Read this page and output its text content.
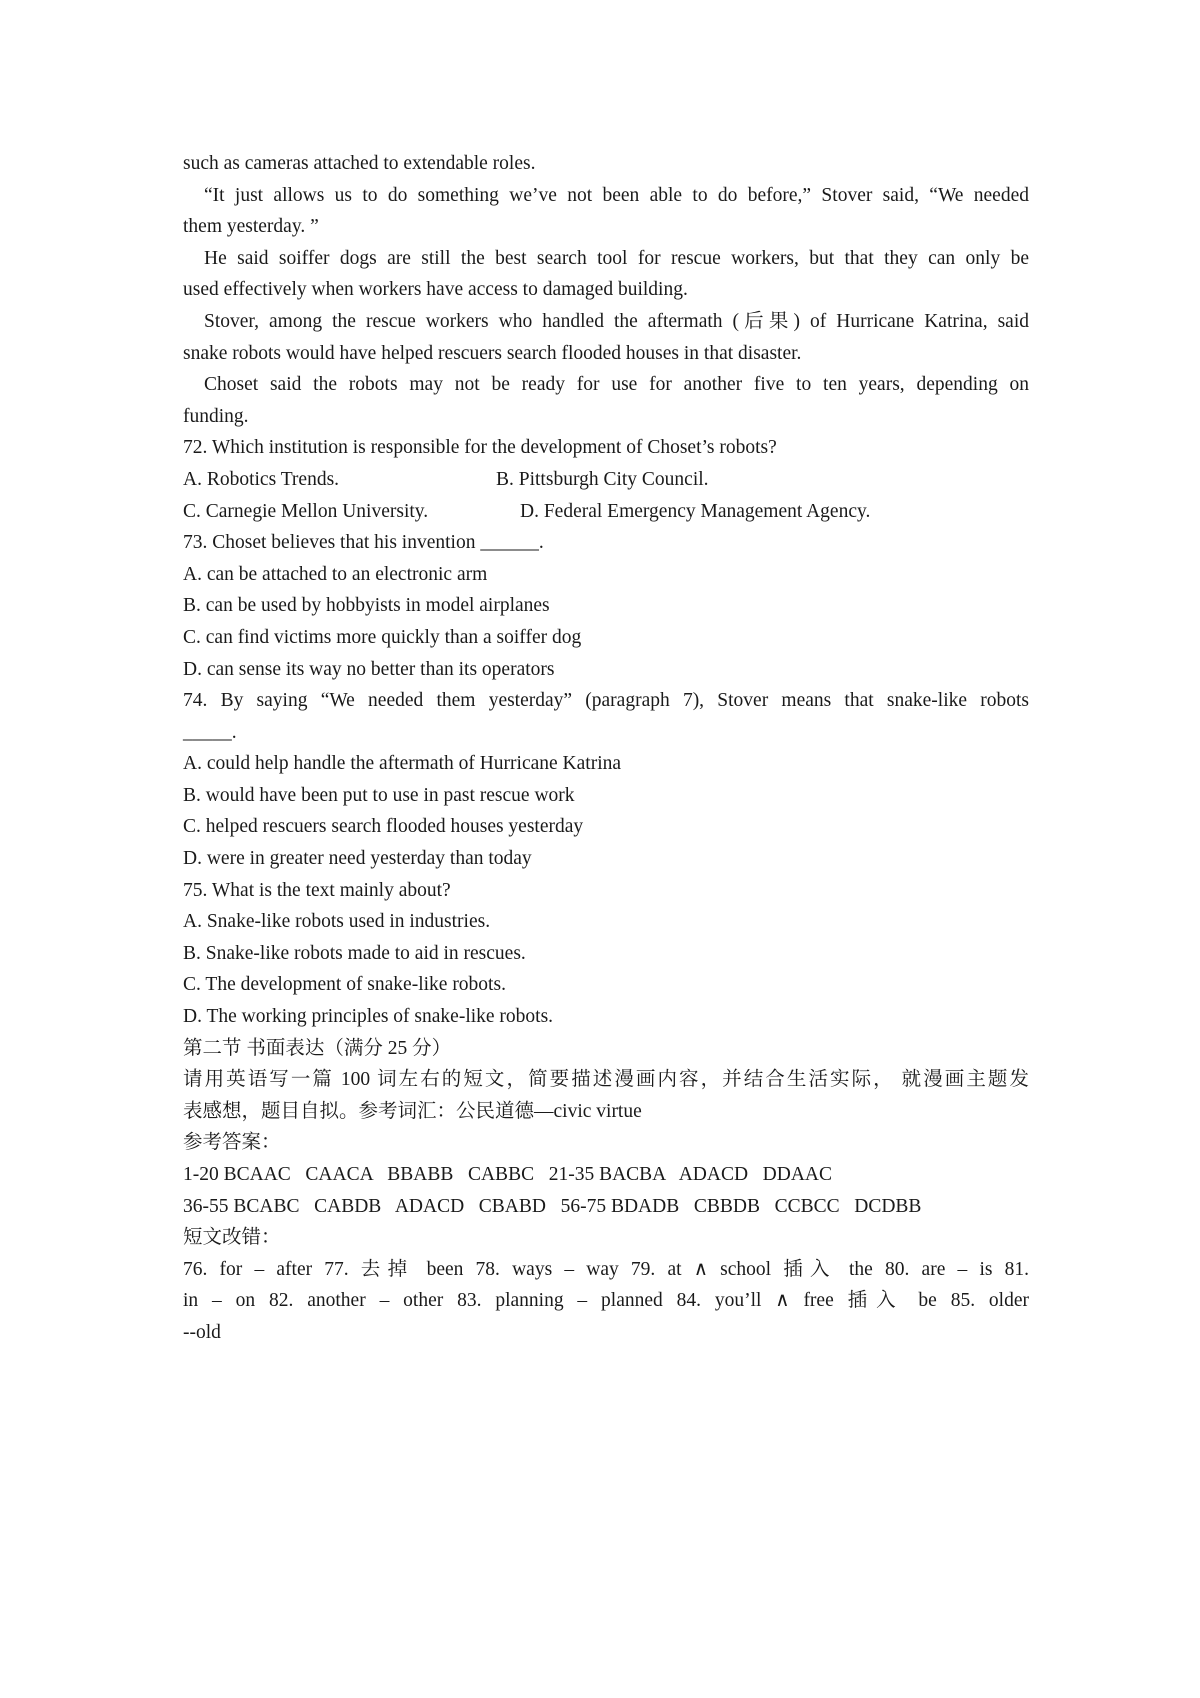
such as cameras attached to extendable roles.
“It just allows us to do something we’ve not been able to do before,” Stover said, “We needed
them yesterday. ”
He said soiffer dogs are still the best search tool for rescue workers, but that they can only be
used effectively when workers have access to damaged building.
Stover, among the rescue workers who handled the aftermath (后果) of Hurricane Katrina, said
snake robots would have helped rescuers search flooded houses in that disaster.
Choset said the robots may not be ready for use for another five to ten years, depending on
funding.
72. Which institution is responsible for the development of Choset’s robots?
A. Robotics Trends.	B. Pittsburgh City Council.
C. Carnegie Mellon University.	D. Federal Emergency Management Agency.
73. Choset believes that his invention ______.
A. can be attached to an electronic arm
B. can be used by hobbyists in model airplanes
C. can find victims more quickly than a soiffer dog
D. can sense its way no better than its operators
74. By saying “We needed them yesterday” (paragraph 7), Stover means that snake-like robots
_____.
A. could help handle the aftermath of Hurricane Katrina
B. would have been put to use in past rescue work
C. helped rescuers search flooded houses yesterday
D. were in greater need yesterday than today
75. What is the text mainly about?
A. Snake-like robots used in industries.
B. Snake-like robots made to aid in rescues.
C. The development of snake-like robots.
D. The working principles of snake-like robots.
第二节 书面表达（满分 25 分）
请用英语写一篇 100 词左右的短文，简要描述漫画内容，并结合生活实际， 就漫画主题发
表感想，题目自拟。参考词汇：公民道德—civic virtue
参考答案：
1-20 BCAAC   CAACA   BBABB   CABBC   21-35 BACBA   ADACD   DDAAC
36-55 BCABC   CABDB   ADACD   CBABD   56-75 BDADB   CBBDB   CCBCC   DCDBB
短文改错：
76. for – after 77. 去掉 been 78. ways – way 79. at ∧ school 插入 the 80. are – is 81.
in – on 82. another – other 83. planning – planned 84. you’ll ∧ free 插入 be 85. older
--old
